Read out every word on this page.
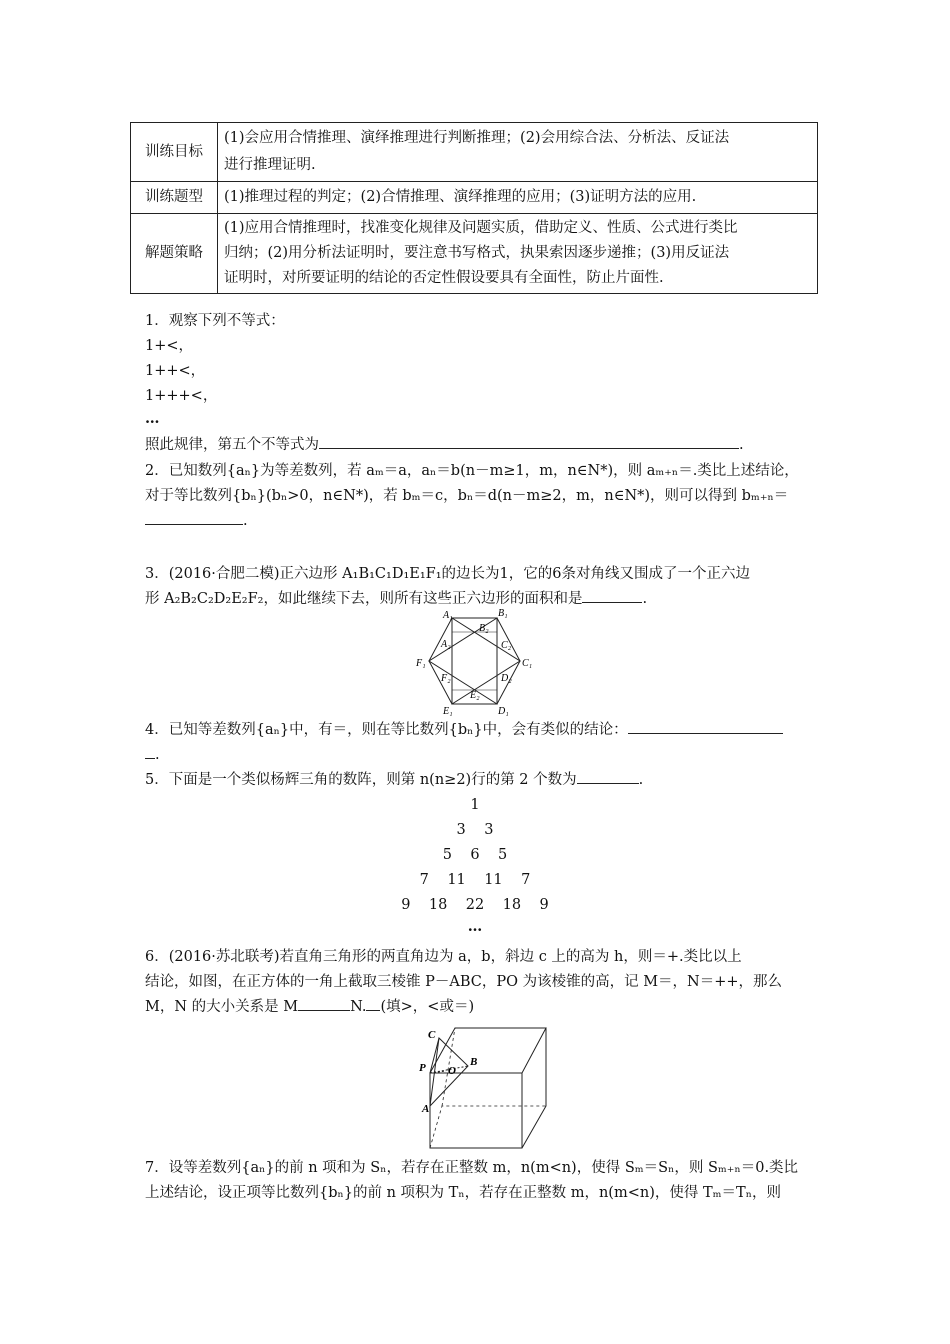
训练目标	(1)会应用合情推理、演绎推理进行判断推理；(2)会用综合法、分析法、反证法
进行推理证明.

训练题型	(1)推理过程的判定；(2)合情推理、演绎推理的应用；(3)证明方法的应用.

解题策略	(1)应用合情推理时，找准变化规律及问题实质，借助定义、性质、公式进行类比
归纳；(2)用分析法证明时，要注意书写格式，执果索因逐步递推；(3)用反证法
证明时，对所要证明的结论的否定性假设要具有全面性，防止片面性.
1．观察下列不等式：
1+<，
1++<，
1+++<，
…
照此规律，第五个不等式为	.
2．已知数列{aₙ}为等差数列，若 aₘ＝a，aₙ＝b(n－m≥1，m，n∈N*)，则 aₘ₊ₙ＝.类比上述结论，
对于等比数列{bₙ}(bₙ>0，n∈N*)，若 bₘ＝c，bₙ＝d(n－m≥2，m，n∈N*)，则可以得到 bₘ₊ₙ＝
.
3．(2016·合肥二模)正六边形 A₁B₁C₁D₁E₁F₁的边长为1，它的6条对角线又围成了一个正六边
形 A₂B₂C₂D₂E₂F₂，如此继续下去，则所有这些正六边形的面积和是	.
A₁	B₁
C₁
D₁
E₁
F₁
A₂
B₂
C₂
D₂
E₂
F₂
4．已知等差数列{aₙ}中，有＝，则在等比数列{bₙ}中，会有类似的结论：
.
5．下面是一个类似杨辉三角的数阵，则第 n(n≥2)行的第 2 个数为	.
1
3    3
5    6    5
7    11    11    7
9    18    22    18    9
…
6．(2016·苏北联考)若直角三角形的两直角边为 a，b，斜边 c 上的高为 h，则＝+.类比以上
结论，如图，在正方体的一角上截取三棱锥 P－ABC，PO 为该棱锥的高，记 M＝，N＝++，那么
M，N 的大小关系是 M	N. (填>，<或＝)
C
B
P O
A
7．设等差数列{aₙ}的前 n 项和为 Sₙ，若存在正整数 m，n(m<n)，使得 Sₘ＝Sₙ，则 Sₘ₊ₙ＝0.类比
上述结论，设正项等比数列{bₙ}的前 n 项积为 Tₙ，若存在正整数 m，n(m<n)，使得 Tₘ＝Tₙ，则
